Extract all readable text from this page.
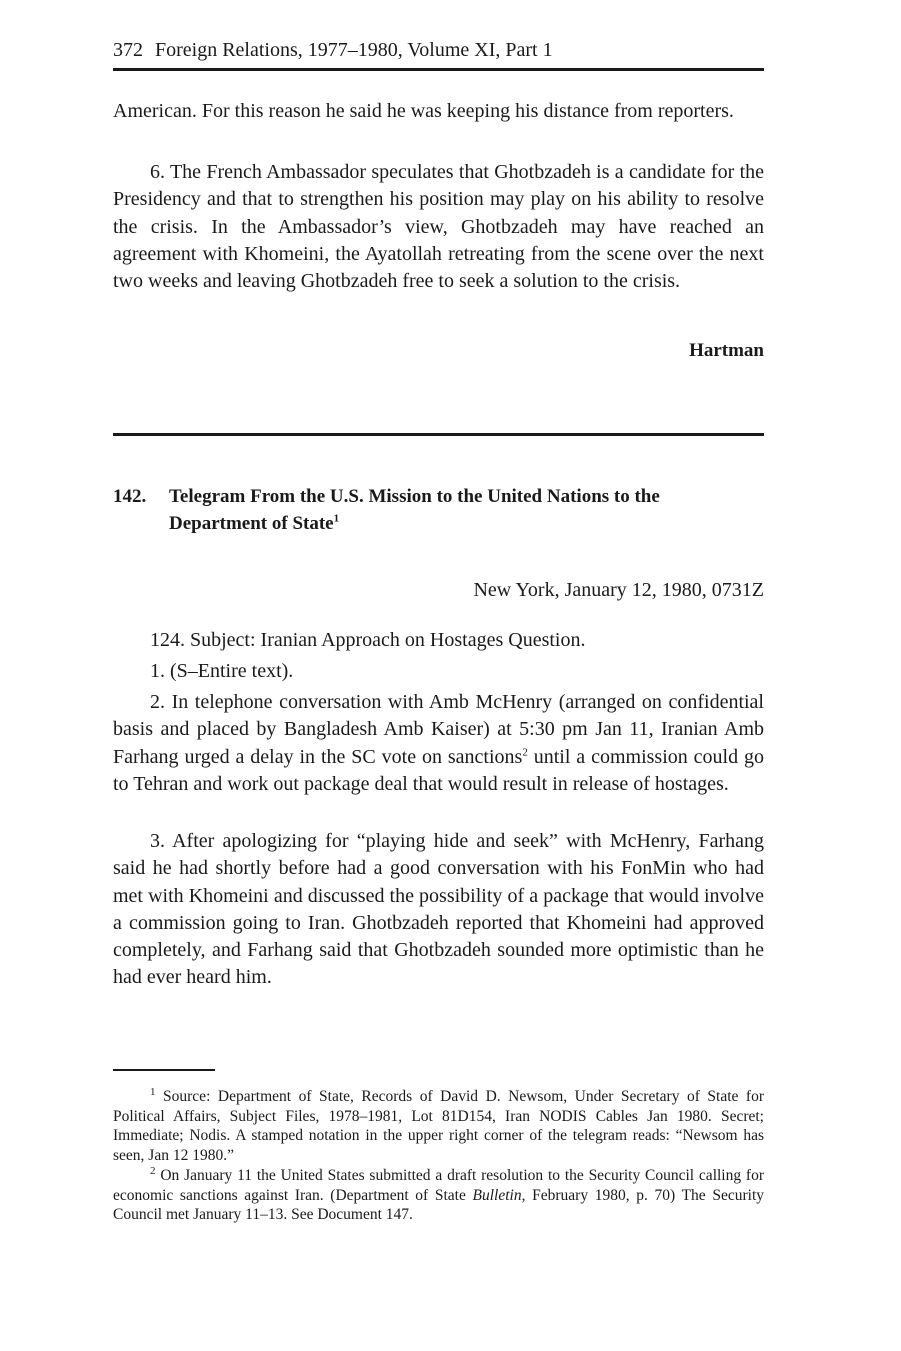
372 Foreign Relations, 1977–1980, Volume XI, Part 1

American. For this reason he said he was keeping his distance from reporters.

6. The French Ambassador speculates that Ghotbzadeh is a candidate for the Presidency and that to strengthen his position may play on his ability to resolve the crisis. In the Ambassador’s view, Ghotbzadeh may have reached an agreement with Khomeini, the Ayatollah retreating from the scene over the next two weeks and leaving Ghotbzadeh free to seek a solution to the crisis.

Hartman
142. Telegram From the U.S. Mission to the United Nations to the Department of State$^1$
New York, January 12, 1980, 0731Z

124. Subject: Iranian Approach on Hostages Question.

1. (S–Entire text).

2. In telephone conversation with Amb McHenry (arranged on confidential basis and placed by Bangladesh Amb Kaiser) at 5:30 pm Jan 11, Iranian Amb Farhang urged a delay in the SC vote on sanctions$^2$ until a commission could go to Tehran and work out package deal that would result in release of hostages.

3. After apologizing for “playing hide and seek” with McHenry, Farhang said he had shortly before had a good conversation with his FonMin who had met with Khomeini and discussed the possibility of a package that would involve a commission going to Iran. Ghotbzadeh reported that Khomeini had approved completely, and Farhang said that Ghotbzadeh sounded more optimistic than he had ever heard him.

$^1$ Source: Department of State, Records of David D. Newsom, Under Secretary of State for Political Affairs, Subject Files, 1978–1981, Lot 81D154, Iran NODIS Cables Jan 1980. Secret; Immediate; Nodis. A stamped notation in the upper right corner of the telegram reads: “Newsom has seen, Jan 12 1980.”

$^2$ On January 11 the United States submitted a draft resolution to the Security Council calling for economic sanctions against Iran. (Department of State Bulletin, February 1980, p. 70) The Security Council met January 11–13. See Document 147.
